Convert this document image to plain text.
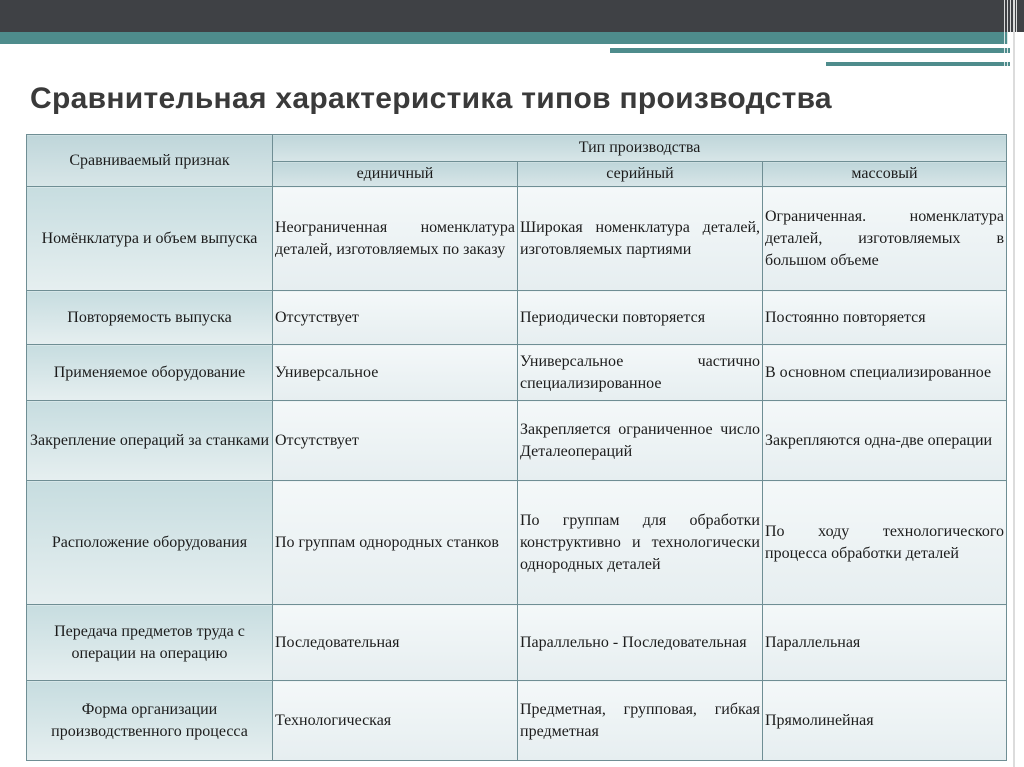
Сравнительная характеристика типов производства
Сравниваемый признак	Тип производства		
	единичный	серийный	массовый
Номёнклатура и объем выпуска	Неограниченная номенклатура деталей, изготовляемых по заказу	Широкая номенклатура деталей, изготовляемых партиями	Ограниченная. номенклатура деталей, изготовляемых в большом объеме
Повторяемость выпуска	Отсутствует	Периодически повторяется	Постоянно повторяется
Применяемое оборудование	Универсальное	Универсальное частично специализированное	В основном специализированное
Закрепление операций за станками	Отсутствует	Закрепляется ограниченное число Деталеопераций	Закрепляются одна-две операции
Расположение оборудования	По группам однородных станков	По группам для обработки конструктивно и технологически однородных деталей	По ходу технологического процесса обработки деталей
Передача предметов труда с операции на операцию	Последовательная	Параллельно - Последовательная	Параллельная
Форма организации производственного процесса	Технологическая	Предметная, групповая, гибкая предметная	Прямолинейная
